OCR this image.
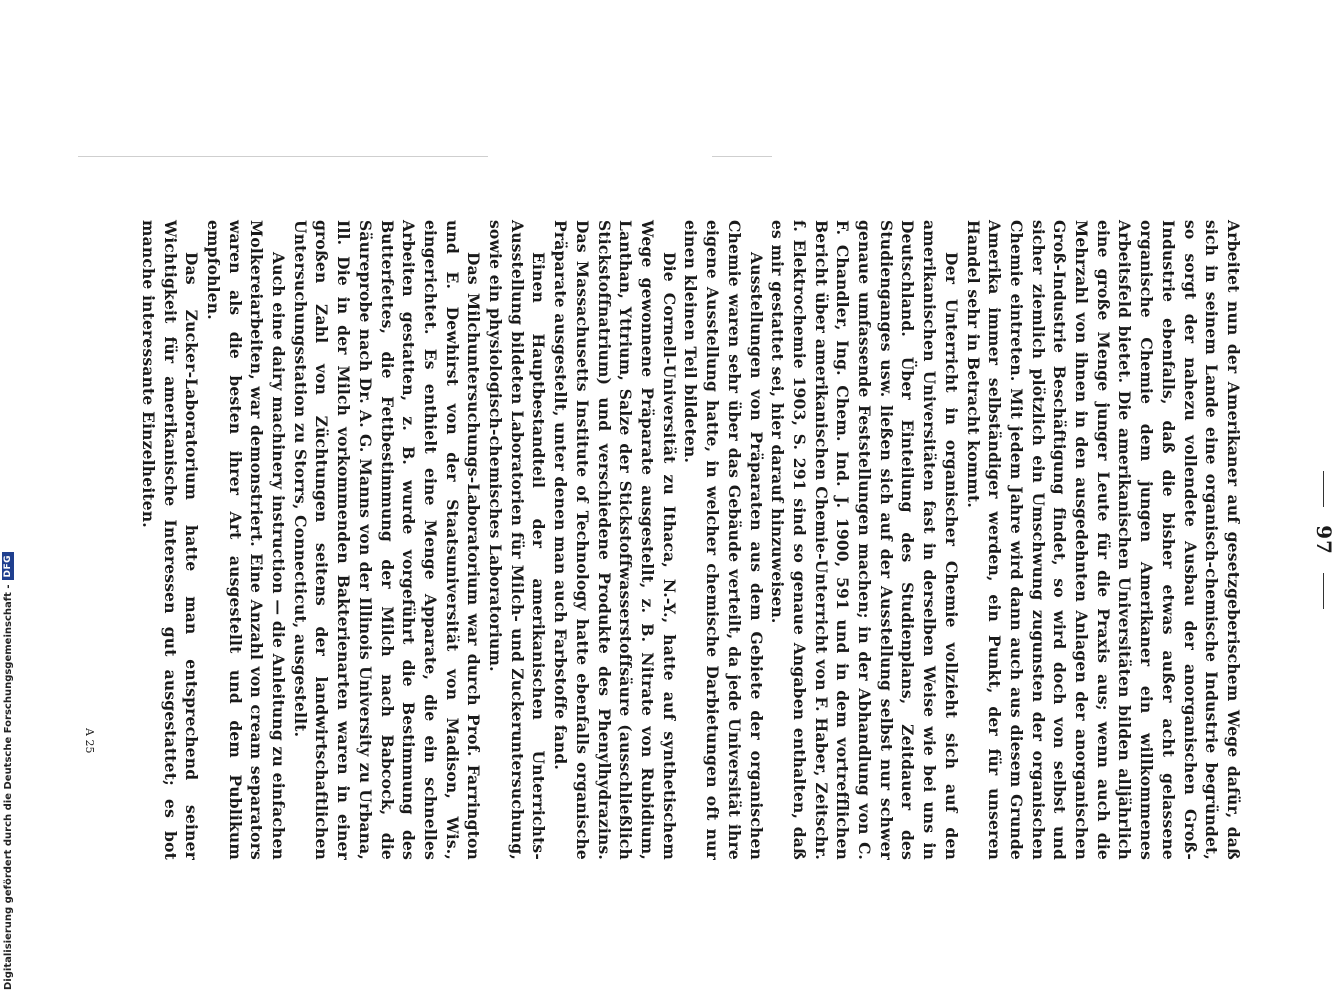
97

Arbeitet nun der Amerikaner auf gesetzgeberischem Wege dafür, daß sich in seinem Lande eine organisch-chemische Industrie begründet, so sorgt der nahezu vollendete Ausbau der anorganischen Groß-Industrie ebenfalls, daß die bisher etwas außer acht gelassene organische Chemie dem jungen Amerikaner ein willkommenes Arbeitsfeld bietet. Die amerikanischen Universitäten bilden alljährlich eine große Menge junger Leute für die Praxis aus; wenn auch die Mehrzahl von ihnen in den ausgedehnten Anlagen der anorganischen Groß-Industrie Beschäftigung findet, so wird doch von selbst und sicher ziemlich plötzlich ein Umschwung zugunsten der organischen Chemie eintreten. Mit jedem Jahre wird dann auch aus diesem Grunde Amerika immer selbständiger werden, ein Punkt, der für unseren Handel sehr in Betracht kommt.

Der Unterricht in organischer Chemie vollzieht sich auf den amerikanischen Universitäten fast in derselben Weise wie bei uns in Deutschland. Über Einteilung des Studienplans, Zeitdauer des Studienganges usw. ließen sich auf der Ausstellung selbst nur schwer genaue umfassende Feststellungen machen; in der Abhandlung von C. F. Chandler, Ing. Chem. Ind. J. 1900, 591 und in dem vortrefflichen Bericht über amerikanischen Chemie-Unterricht von F. Haber, Zeitschr. f. Elektrochemie 1903, S. 291 sind so genaue Angaben enthalten, daß es mir gestattet sei, hier darauf hinzuweisen.

Ausstellungen von Präparaten aus dem Gebiete der organischen Chemie waren sehr über das Gebäude verteilt, da jede Universität ihre eigene Ausstellung hatte, in welcher chemische Darbietungen oft nur einen kleinen Teil bildeten.

Die Cornell-Universität zu Ithaca, N.-Y., hatte auf synthetischem Wege gewonnene Präparate ausgestellt, z. B. Nitrate von Rubidium, Lanthan, Yttrium, Salze der Stickstoffwasserstoffsäure (ausschließlich Stickstoffnatrium) und verschiedene Produkte des Phenylhydrazins. Das Massachusetts Institute of Technology hatte ebenfalls organische Präparate ausgestellt, unter denen man auch Farbstoffe fand.

Einen Hauptbestandteil der amerikanischen Unterrichts-Ausstellung bildeten Laboratorien für Milch- und Zuckeruntersuchung, sowie ein physiologisch-chemisches Laboratorium.

Das Milchuntersuchungs-Laboratorium war durch Prof. Farrington und E. Dewhirst von der Staatsuniversität von Madison, Wis., eingerichtet. Es enthielt eine Menge Apparate, die ein schnelles Arbeiten gestatten, z. B. wurde vorgeführt die Bestimmung des Butterfettes, die Fettbestimmung der Milch nach Babcock, die Säureprobe nach Dr. A. G. Manns von der Illinois University zu Urbana, Ill. Die in der Milch vorkommenden Bakterienarten waren in einer großen Zahl von Züchtungen seitens der landwirtschaftlichen Untersuchungsstation zu Storrs, Connecticut, ausgestellt.

Auch eine dairy machinery instruction — die Anleitung zu einfachen Molkereiarbeiten, war demonstriert. Eine Anzahl von cream separators waren als die besten ihrer Art ausgestellt und dem Publikum empfohlen.

Das Zucker-Laboratorium hatte man entsprechend seiner Wichtigkeit für amerikanische Interessen gut ausgestattet; es bot manche interessante Einzelheiten.

A 25
Digitalisierung gefördert durch die Deutsche Forschungsgemeinschaft -
DFG
